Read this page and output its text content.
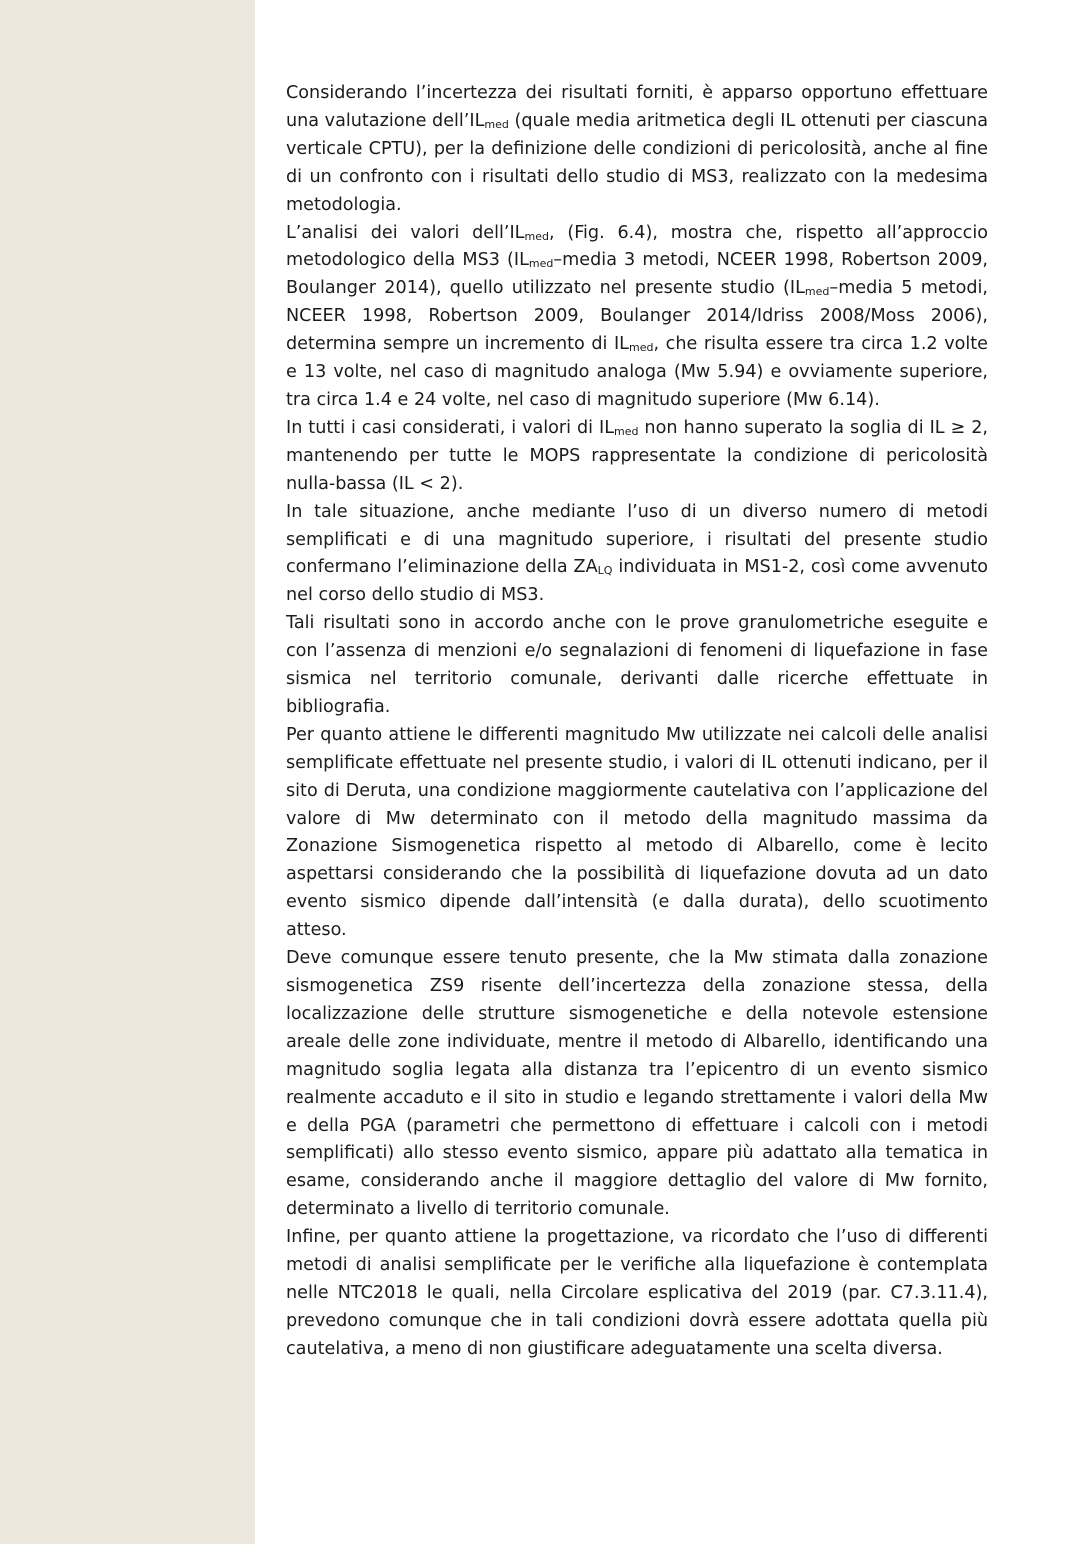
Considerando l’incertezza dei risultati forniti, è apparso opportuno effettuare una valutazione $dell’IL_{med}$ (quale media aritmetica degli IL ottenuti per ciascuna verticale CPTU), per la definizione delle condizioni di pericolosità, anche al fine di un confronto con i risultati dello studio di MS3, realizzato con la medesima metodologia.

L’analisi dei valori $dell’IL_{med}$, (Fig. 6.4), mostra che, rispetto all’approccio metodologico della MS3 ($IL_{med}$–media 3 metodi, NCEER 1998, Robertson 2009, Boulanger 2014), quello utilizzato nel presente studio ($IL_{med}$–media 5 metodi, NCEER 1998, Robertson 2009, Boulanger 2014/Idriss 2008/Moss 2006), determina sempre un incremento di $IL_{med}$, che risulta essere tra circa 1.2 volte e 13 volte, nel caso di magnitudo analoga (Mw 5.94) e ovviamente superiore, tra circa 1.4 e 24 volte, nel caso di magnitudo superiore (Mw 6.14).

In tutti i casi considerati, i valori di $IL_{med}$ non hanno superato la soglia di IL ≥ 2, mantenendo per tutte le MOPS rappresentate la condizione di pericolosità nulla-bassa (IL < 2).

In tale situazione, anche mediante l’uso di un diverso numero di metodi semplificati e di una magnitudo superiore, i risultati del presente studio confermano l’eliminazione della $ZA_{LQ}$ individuata in MS1-2, così come avvenuto nel corso dello studio di MS3.

Tali risultati sono in accordo anche con le prove granulometriche eseguite e con l’assenza di menzioni e/o segnalazioni di fenomeni di liquefazione in fase sismica nel territorio comunale, derivanti dalle ricerche effettuate in bibliografia.

Per quanto attiene le differenti magnitudo Mw utilizzate nei calcoli delle analisi semplificate effettuate nel presente studio, i valori di IL ottenuti indicano, per il sito di Deruta, una condizione maggiormente cautelativa con l’applicazione del valore di Mw determinato con il metodo della magnitudo massima da Zonazione Sismogenetica rispetto al metodo di Albarello, come è lecito aspettarsi considerando che la possibilità di liquefazione dovuta ad un dato evento sismico dipende dall’intensità (e dalla durata), dello scuotimento atteso.

Deve comunque essere tenuto presente, che la Mw stimata dalla zonazione sismogenetica ZS9 risente dell’incertezza della zonazione stessa, della localizzazione delle strutture sismogenetiche e della notevole estensione areale delle zone individuate, mentre il metodo di Albarello, identificando una magnitudo soglia legata alla distanza tra l’epicentro di un evento sismico realmente accaduto e il sito in studio e legando strettamente i valori della Mw e della PGA (parametri che permettono di effettuare i calcoli con i metodi semplificati) allo stesso evento sismico, appare più adattato alla tematica in esame, considerando anche il maggiore dettaglio del valore di Mw fornito, determinato a livello di territorio comunale.

Infine, per quanto attiene la progettazione, va ricordato che l’uso di differenti metodi di analisi semplificate per le verifiche alla liquefazione è contemplata nelle NTC2018 le quali, nella Circolare esplicativa del 2019 (par. C7.3.11.4), prevedono comunque che in tali condizioni dovrà essere adottata quella più cautelativa, a meno di non giustificare adeguatamente una scelta diversa.
